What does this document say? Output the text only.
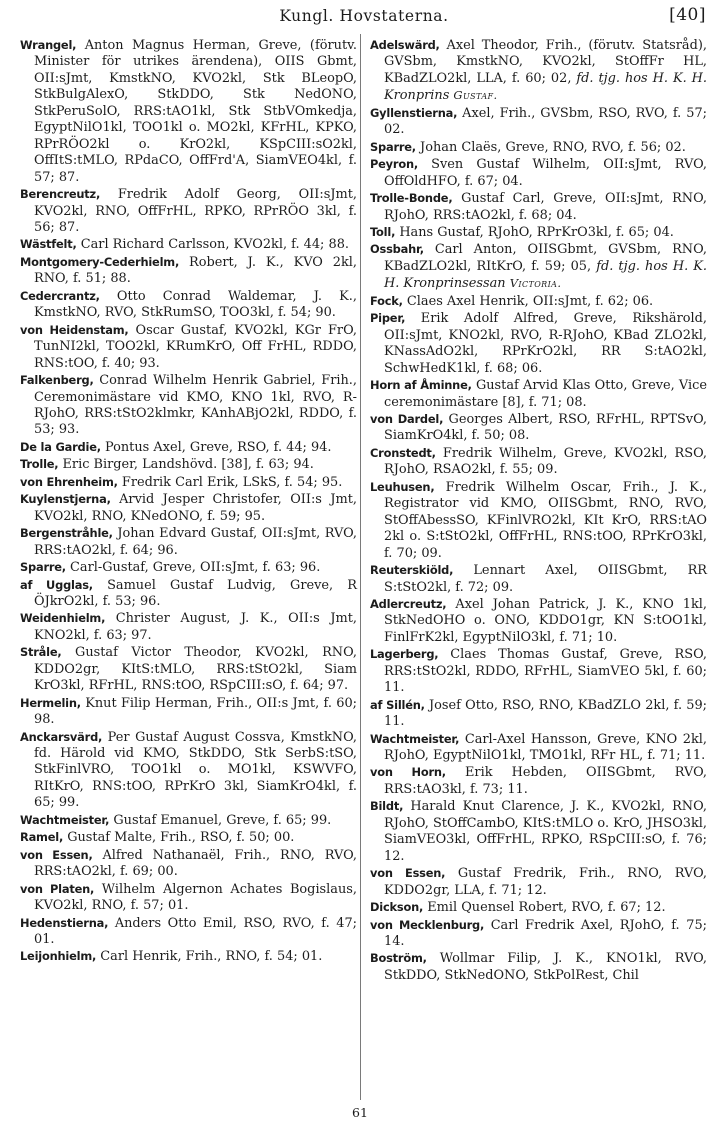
Kungl. Hovstaterna.	[40]

Wrangel, Anton Magnus Herman, Greve, (förutv. Minister för utrikes ärendena), OIIS Gbmt, OII:sJmt, KmstkNO, KVO2kl, Stk BLeopO, StkBulgAlexO, StkDDO, Stk NedONO, StkPeruSolO, RRS:tAO1kl, Stk StbVOmkedja, EgyptNilO1kl, TOO1kl o. MO2kl, KFrHL, KPKO, RPrRÖO2kl o. KrO2kl, KSpCIII:sO2kl, OffItS:tMLO, RPdaCO, OffFrd'A, SiamVEO4kl, f. 57; 87.

Berencreutz, Fredrik Adolf Georg, OII:sJmt, KVO2kl, RNO, OffFrHL, RPKO, RPrRÖO 3kl, f. 56; 87.

Wästfelt, Carl Richard Carlsson, KVO2kl, f. 44; 88.

Montgomery-Cederhielm, Robert, J. K., KVO 2kl, RNO, f. 51; 88.

Cedercrantz, Otto Conrad Waldemar, J. K., KmstkNO, RVO, StkRumSO, TOO3kl, f. 54; 90.

von Heidenstam, Oscar Gustaf, KVO2kl, KGr FrO, TunNI2kl, TOO2kl, KRumKrO, Off FrHL, RDDO, RNS:tOO, f. 40; 93.

Falkenberg, Conrad Wilhelm Henrik Gabriel, Frih., Ceremonimästare vid KMO, KNO 1kl, RVO, R-RJohO, RRS:tStO2klmkr, KAnhABjO2kl, RDDO, f. 53; 93.

De la Gardie, Pontus Axel, Greve, RSO, f. 44; 94.

Trolle, Eric Birger, Landshövd. [38], f. 63; 94.

von Ehrenheim, Fredrik Carl Erik, LSkS, f. 54; 95.

Kuylenstjerna, Arvid Jesper Christofer, OII:s Jmt, KVO2kl, RNO, KNedONO, f. 59; 95.

Bergenstråhle, Johan Edvard Gustaf, OII:sJmt, RVO, RRS:tAO2kl, f. 64; 96.

Sparre, Carl-Gustaf, Greve, OII:sJmt, f. 63; 96.

af Ugglas, Samuel Gustaf Ludvig, Greve, R ÖJkrO2kl, f. 53; 96.

Weidenhielm, Christer August, J. K., OII:s Jmt, KNO2kl, f. 63; 97.

Stråle, Gustaf Victor Theodor, KVO2kl, RNO, KDDO2gr, KItS:tMLO, RRS:tStO2kl, Siam KrO3kl, RFrHL, RNS:tOO, RSpCIII:sO, f. 64; 97.

Hermelin, Knut Filip Herman, Frih., OII:s Jmt, f. 60; 98.

Anckarsvärd, Per Gustaf August Cossva, KmstkNO, fd. Härold vid KMO, StkDDO, Stk SerbS:tSO, StkFinlVRO, TOO1kl o. MO1kl, KSWVFO, RItKrO, RNS:tOO, RPrKrO 3kl, SiamKrO4kl, f. 65; 99.

Wachtmeister, Gustaf Emanuel, Greve, f. 65; 99.

Ramel, Gustaf Malte, Frih., RSO, f. 50; 00.

von Essen, Alfred Nathanaël, Frih., RNO, RVO, RRS:tAO2kl, f. 69; 00.

von Platen, Wilhelm Algernon Achates Bogislaus, KVO2kl, RNO, f. 57; 01.

Hedenstierna, Anders Otto Emil, RSO, RVO, f. 47; 01.

Leijonhielm, Carl Henrik, Frih., RNO, f. 54; 01.

Adelswärd, Axel Theodor, Frih., (förutv. Statsråd), GVSbm, KmstkNO, KVO2kl, StOffFr HL, KBadZLO2kl, LLA, f. 60; 02, fd. tjg. hos H. K. H. Kronprins Gustaf.

Gyllenstierna, Axel, Frih., GVSbm, RSO, RVO, f. 57; 02.

Sparre, Johan Claës, Greve, RNO, RVO, f. 56; 02.

Peyron, Sven Gustaf Wilhelm, OII:sJmt, RVO, OffOldHFO, f. 67; 04.

Trolle-Bonde, Gustaf Carl, Greve, OII:sJmt, RNO, RJohO, RRS:tAO2kl, f. 68; 04.

Toll, Hans Gustaf, RJohO, RPrKrO3kl, f. 65; 04.

Ossbahr, Carl Anton, OIISGbmt, GVSbm, RNO, KBadZLO2kl, RItKrO, f. 59; 05, fd. tjg. hos H. K. H. Kronprinsessan Victoria.

Fock, Claes Axel Henrik, OII:sJmt, f. 62; 06.

Piper, Erik Adolf Alfred, Greve, Rikshärold, OII:sJmt, KNO2kl, RVO, R-RJohO, KBad ZLO2kl, KNassAdO2kl, RPrKrO2kl, RR S:tAO2kl, SchwHedK1kl, f. 68; 06.

Horn af Åminne, Gustaf Arvid Klas Otto, Greve, Vice ceremonimästare [8], f. 71; 08.

von Dardel, Georges Albert, RSO, RFrHL, RPTSvO, SiamKrO4kl, f. 50; 08.

Cronstedt, Fredrik Wilhelm, Greve, KVO2kl, RSO, RJohO, RSAO2kl, f. 55; 09.

Leuhusen, Fredrik Wilhelm Oscar, Frih., J. K., Registrator vid KMO, OIISGbmt, RNO, RVO, StOffAbessSO, KFinlVRO2kl, KIt KrO, RRS:tAO 2kl o. S:tStO2kl, OffFrHL, RNS:tOO, RPrKrO3kl, f. 70; 09.

Reuterskiöld, Lennart Axel, OIISGbmt, RR S:tStO2kl, f. 72; 09.

Adlercreutz, Axel Johan Patrick, J. K., KNO 1kl, StkNedOHO o. ONO, KDDO1gr, KN S:tOO1kl, FinlFrK2kl, EgyptNilO3kl, f. 71; 10.

Lagerberg, Claes Thomas Gustaf, Greve, RSO, RRS:tStO2kl, RDDO, RFrHL, SiamVEO 5kl, f. 60; 11.

af Sillén, Josef Otto, RSO, RNO, KBadZLO 2kl, f. 59; 11.

Wachtmeister, Carl-Axel Hansson, Greve, KNO 2kl, RJohO, EgyptNilO1kl, TMO1kl, RFr HL, f. 71; 11.

von Horn, Erik Hebden, OIISGbmt, RVO, RRS:tAO3kl, f. 73; 11.

Bildt, Harald Knut Clarence, J. K., KVO2kl, RNO, RJohO, StOffCambO, KItS:tMLO o. KrO, JHSO3kl, SiamVEO3kl, OffFrHL, RPKO, RSpCIII:sO, f. 76; 12.

von Essen, Gustaf Fredrik, Frih., RNO, RVO, KDDO2gr, LLA, f. 71; 12.

Dickson, Emil Quensel Robert, RVO, f. 67; 12.

von Mecklenburg, Carl Fredrik Axel, RJohO, f. 75; 14.

Boström, Wollmar Filip, J. K., KNO1kl, RVO, StkDDO, StkNedONO, StkPolRest, Chil

61
